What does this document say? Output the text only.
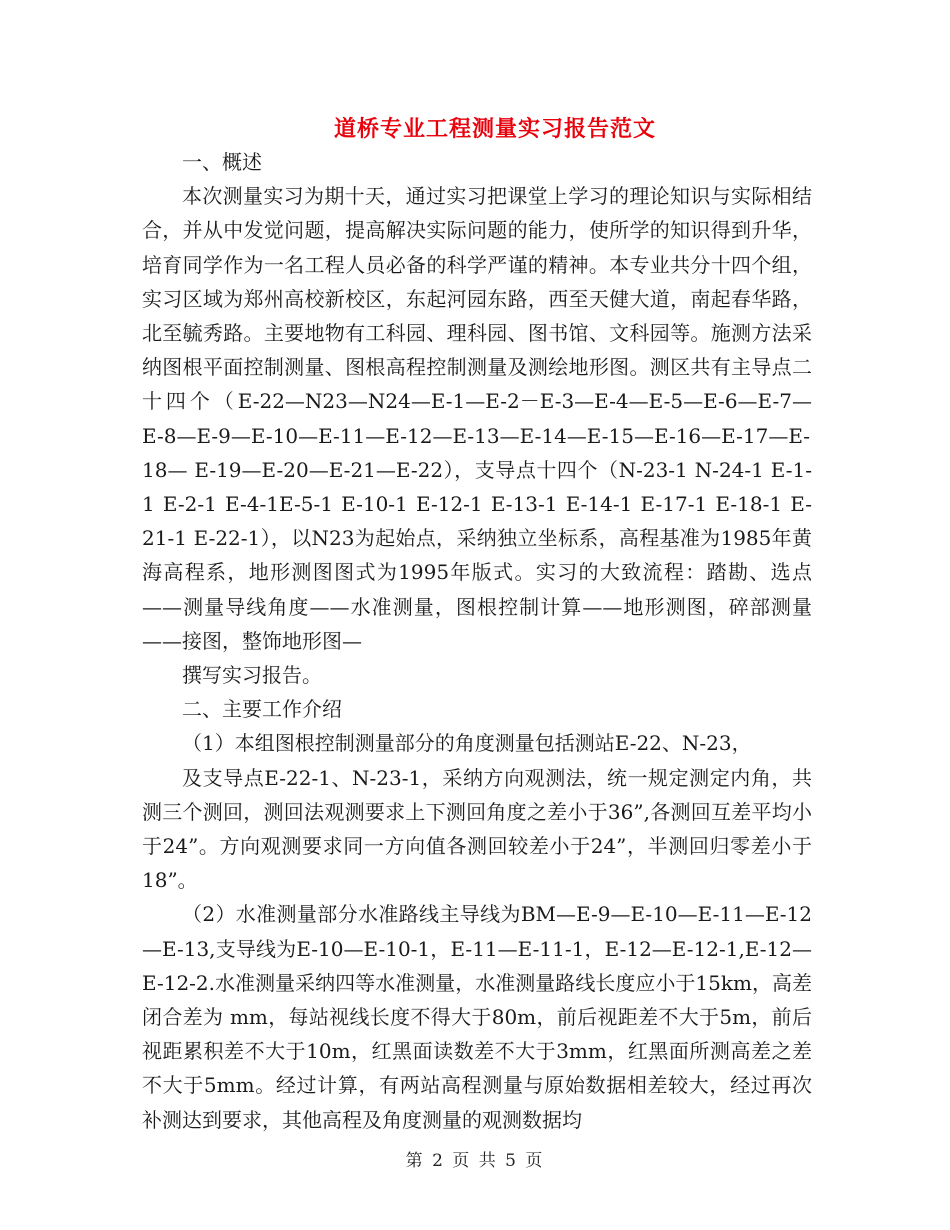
道桥专业工程测量实习报告范文

一、概述

本次测量实习为期十天，通过实习把课堂上学习的理论知识与实际相结合，并从中发觉问题，提高解决实际问题的能力，使所学的知识得到升华，培育同学作为一名工程人员必备的科学严谨的精神。本专业共分十四个组，实习区域为郑州高校新校区，东起河园东路，西至天健大道，南起春华路，北至毓秀路。主要地物有工科园、理科园、图书馆、文科园等。施测方法采纳图根平面控制测量、图根高程控制测量及测绘地形图。测区共有主导点二十四个（E-22—N23—N24—E-1—E-2－E-3—E-4—E-5—E-6—E-7—E-8—E-9—E-10—E-11—E-12—E-13—E-14—E-15—E-16—E-17—E-18— E-19—E-20—E-21—E-22），支导点十四个（N-23-1 N-24-1 E-1-1 E-2-1 E-4-1E-5-1 E-10-1 E-12-1 E-13-1 E-14-1 E-17-1 E-18-1 E-21-1 E-22-1），以N23为起始点，采纳独立坐标系，高程基准为1985年黄海高程系，地形测图图式为1995年版式。实习的大致流程：踏勘、选点——测量导线角度——水准测量，图根控制计算——地形测图，碎部测量——接图，整饰地形图—

撰写实习报告。

二、主要工作介绍

（1）本组图根控制测量部分的角度测量包括测站E-22、N-23，

及支导点E-22-1、N-23-1，采纳方向观测法，统一规定测定内角，共测三个测回，测回法观测要求上下测回角度之差小于36”,各测回互差平均小于24”。方向观测要求同一方向值各测回较差小于24”，半测回归零差小于18”。

（2）水准测量部分水准路线主导线为BM—E-9—E-10—E-11—E-12—E-13,支导线为E-10—E-10-1，E-11—E-11-1，E-12—E-12-1,E-12—E-12-2.水准测量采纳四等水准测量，水准测量路线长度应小于15km，高差闭合差为 mm，每站视线长度不得大于80m，前后视距差不大于5m，前后视距累积差不大于10m，红黑面读数差不大于3mm，红黑面所测高差之差不大于5mm。经过计算，有两站高程测量与原始数据相差较大，经过再次补测达到要求，其他高程及角度测量的观测数据均

第 2 页 共 5 页
